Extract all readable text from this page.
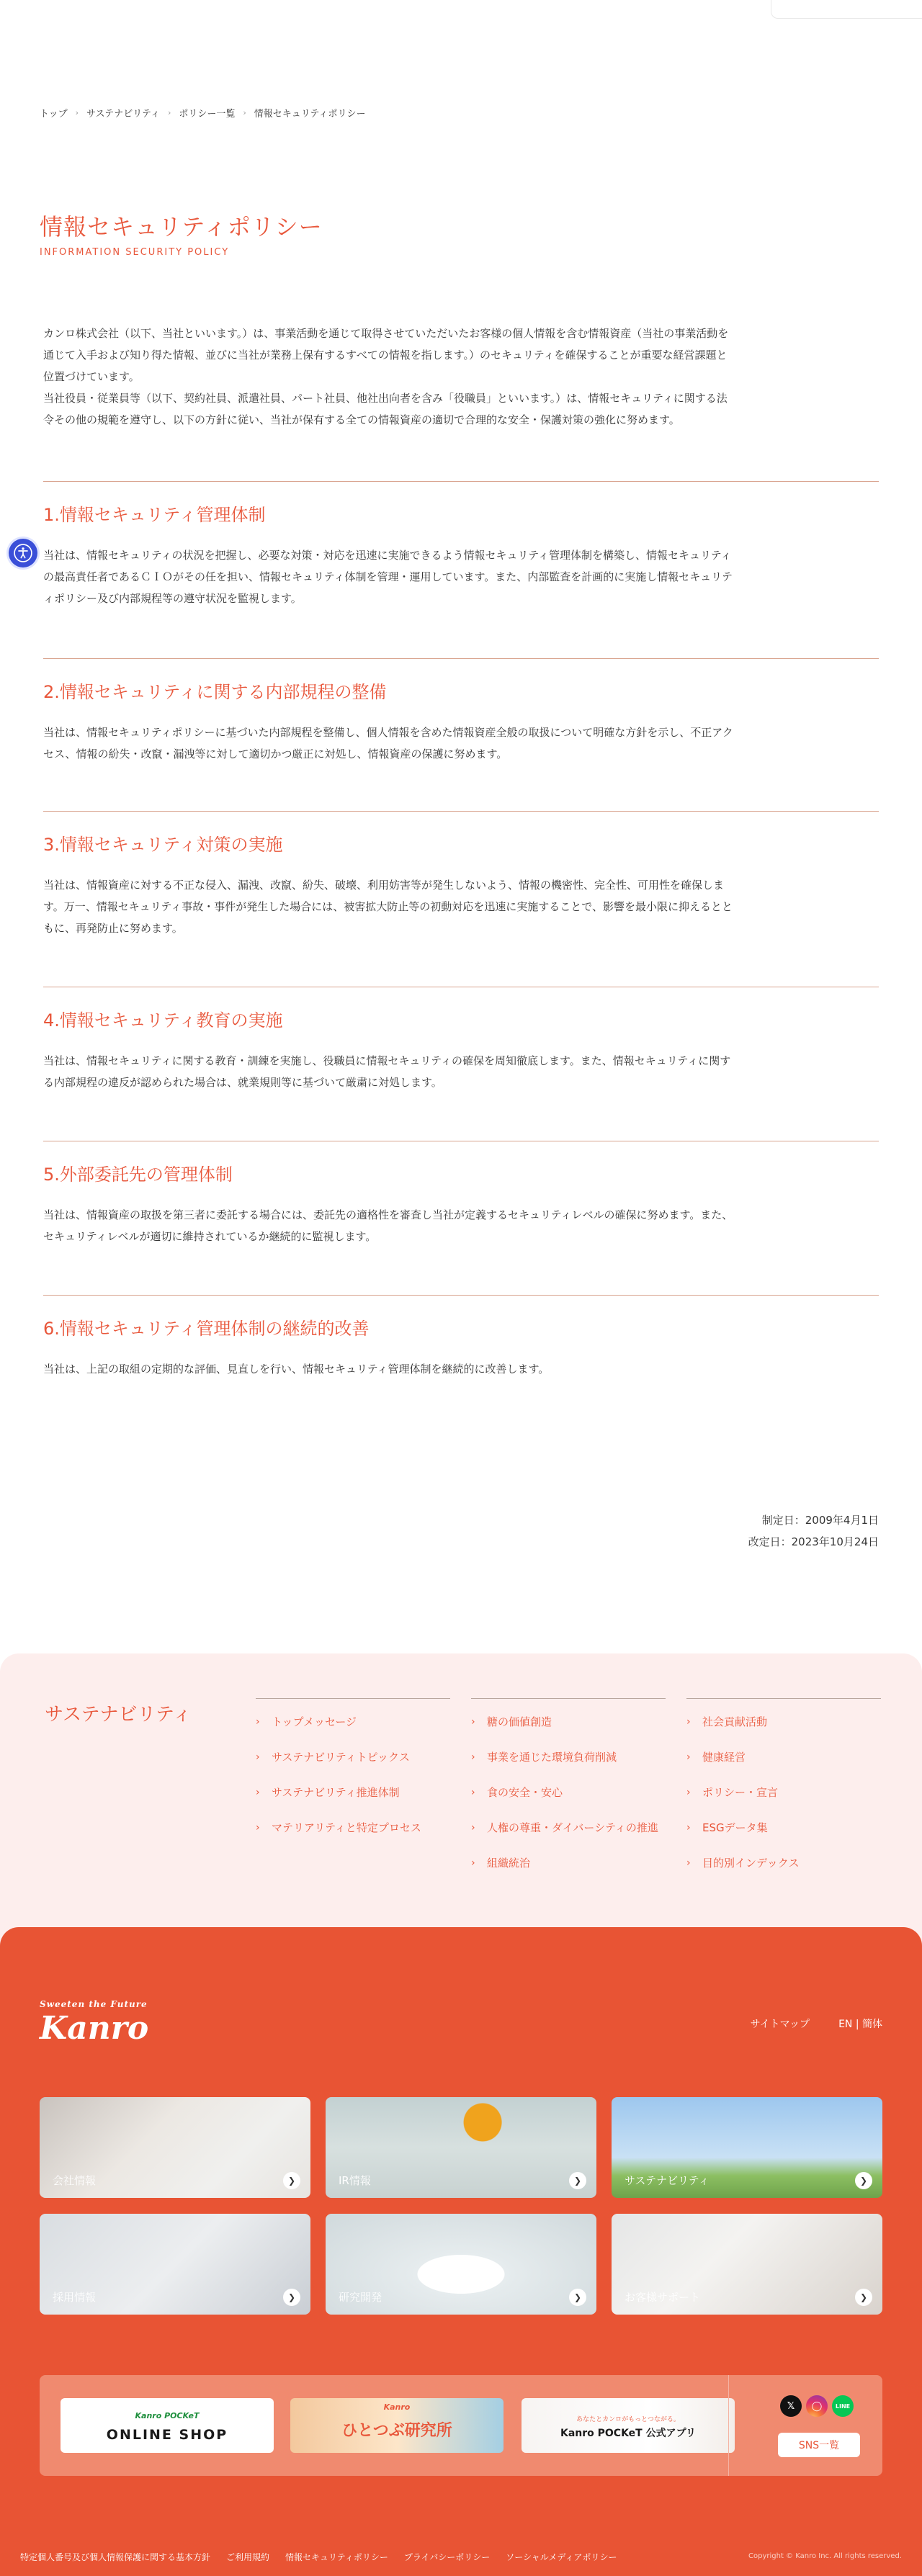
トップ › サステナビリティ › ポリシー一覧 › 情報セキュリティポリシー
情報セキュリティポリシー
INFORMATION SECURITY POLICY

カンロ株式会社（以下、当社といいます。）は、事業活動を通じて取得させていただいたお客様の個人情報を含む情報資産（当社の事業活動を通じて入手および知り得た情報、並びに当社が業務上保有するすべての情報を指します。）のセキュリティを確保することが重要な経営課題と位置づけています。

当社役員・従業員等（以下、契約社員、派遣社員、パート社員、他社出向者を含み「役職員」といいます。）は、情報セキュリティに関する法令その他の規範を遵守し、以下の方針に従い、当社が保有する全ての情報資産の適切で合理的な安全・保護対策の強化に努めます。

1.情報セキュリティ管理体制

当社は、情報セキュリティの状況を把握し、必要な対策・対応を迅速に実施できるよう情報セキュリティ管理体制を構築し、情報セキュリティの最高責任者であるＣＩＯがその任を担い、情報セキュリティ体制を管理・運用しています。また、内部監査を計画的に実施し情報セキュリティポリシー及び内部規程等の遵守状況を監視します。

2.情報セキュリティに関する内部規程の整備

当社は、情報セキュリティポリシーに基づいた内部規程を整備し、個人情報を含めた情報資産全般の取扱について明確な方針を示し、不正アクセス、情報の紛失・改竄・漏洩等に対して適切かつ厳正に対処し、情報資産の保護に努めます。

3.情報セキュリティ対策の実施

当社は、情報資産に対する不正な侵入、漏洩、改竄、紛失、破壊、利用妨害等が発生しないよう、情報の機密性、完全性、可用性を確保します。万一、情報セキュリティ事故・事件が発生した場合には、被害拡大防止等の初動対応を迅速に実施することで、影響を最小限に抑えるとともに、再発防止に努めます。

4.情報セキュリティ教育の実施

当社は、情報セキュリティに関する教育・訓練を実施し、役職員に情報セキュリティの確保を周知徹底します。また、情報セキュリティに関する内部規程の違反が認められた場合は、就業規則等に基づいて厳粛に対処します。

5.外部委託先の管理体制

当社は、情報資産の取扱を第三者に委託する場合には、委託先の適格性を審査し当社が定義するセキュリティレベルの確保に努めます。また、セキュリティレベルが適切に維持されているか継続的に監視します。

6.情報セキュリティ管理体制の継続的改善

当社は、上記の取組の定期的な評価、見直しを行い、情報セキュリティ管理体制を継続的に改善します。

制定日：2009年4月1日
改定日：2023年10月24日
サステナビリティ	›	トップメッセージ
›	サステナビリティトピックス
›	サステナビリティ推進体制
›	マテリアリティと特定プロセス
›	糖の価値創造
›	事業を通じた環境負荷削減
›	食の安全・安心
›	人権の尊重・ダイバーシティの推進
›	組織統治
›	社会貢献活動
›	健康経営
›	ポリシー・宣言
›	ESGデータ集
›	目的別インデックス
Sweeten the Future
Kanro	サイトマップ	EN | 簡体
会社情報	❯	IR情報	❯	サステナビリティ	❯
採用情報	❯	研究開発	❯	お客様サポート	❯
Kanro POCKeT
ONLINE SHOP
Kanro
ひとつぶ研究所
あなたとカンロがもっとつながる。
Kanro POCKeT 公式アプリ
𝕏	◯	LINE
SNS一覧
特定個人番号及び個人情報保護に関する基本方針 ご利用規約 情報セキュリティポリシー プライバシーポリシー ソーシャルメディアポリシー	Copyright © Kanro Inc. All rights reserved.
